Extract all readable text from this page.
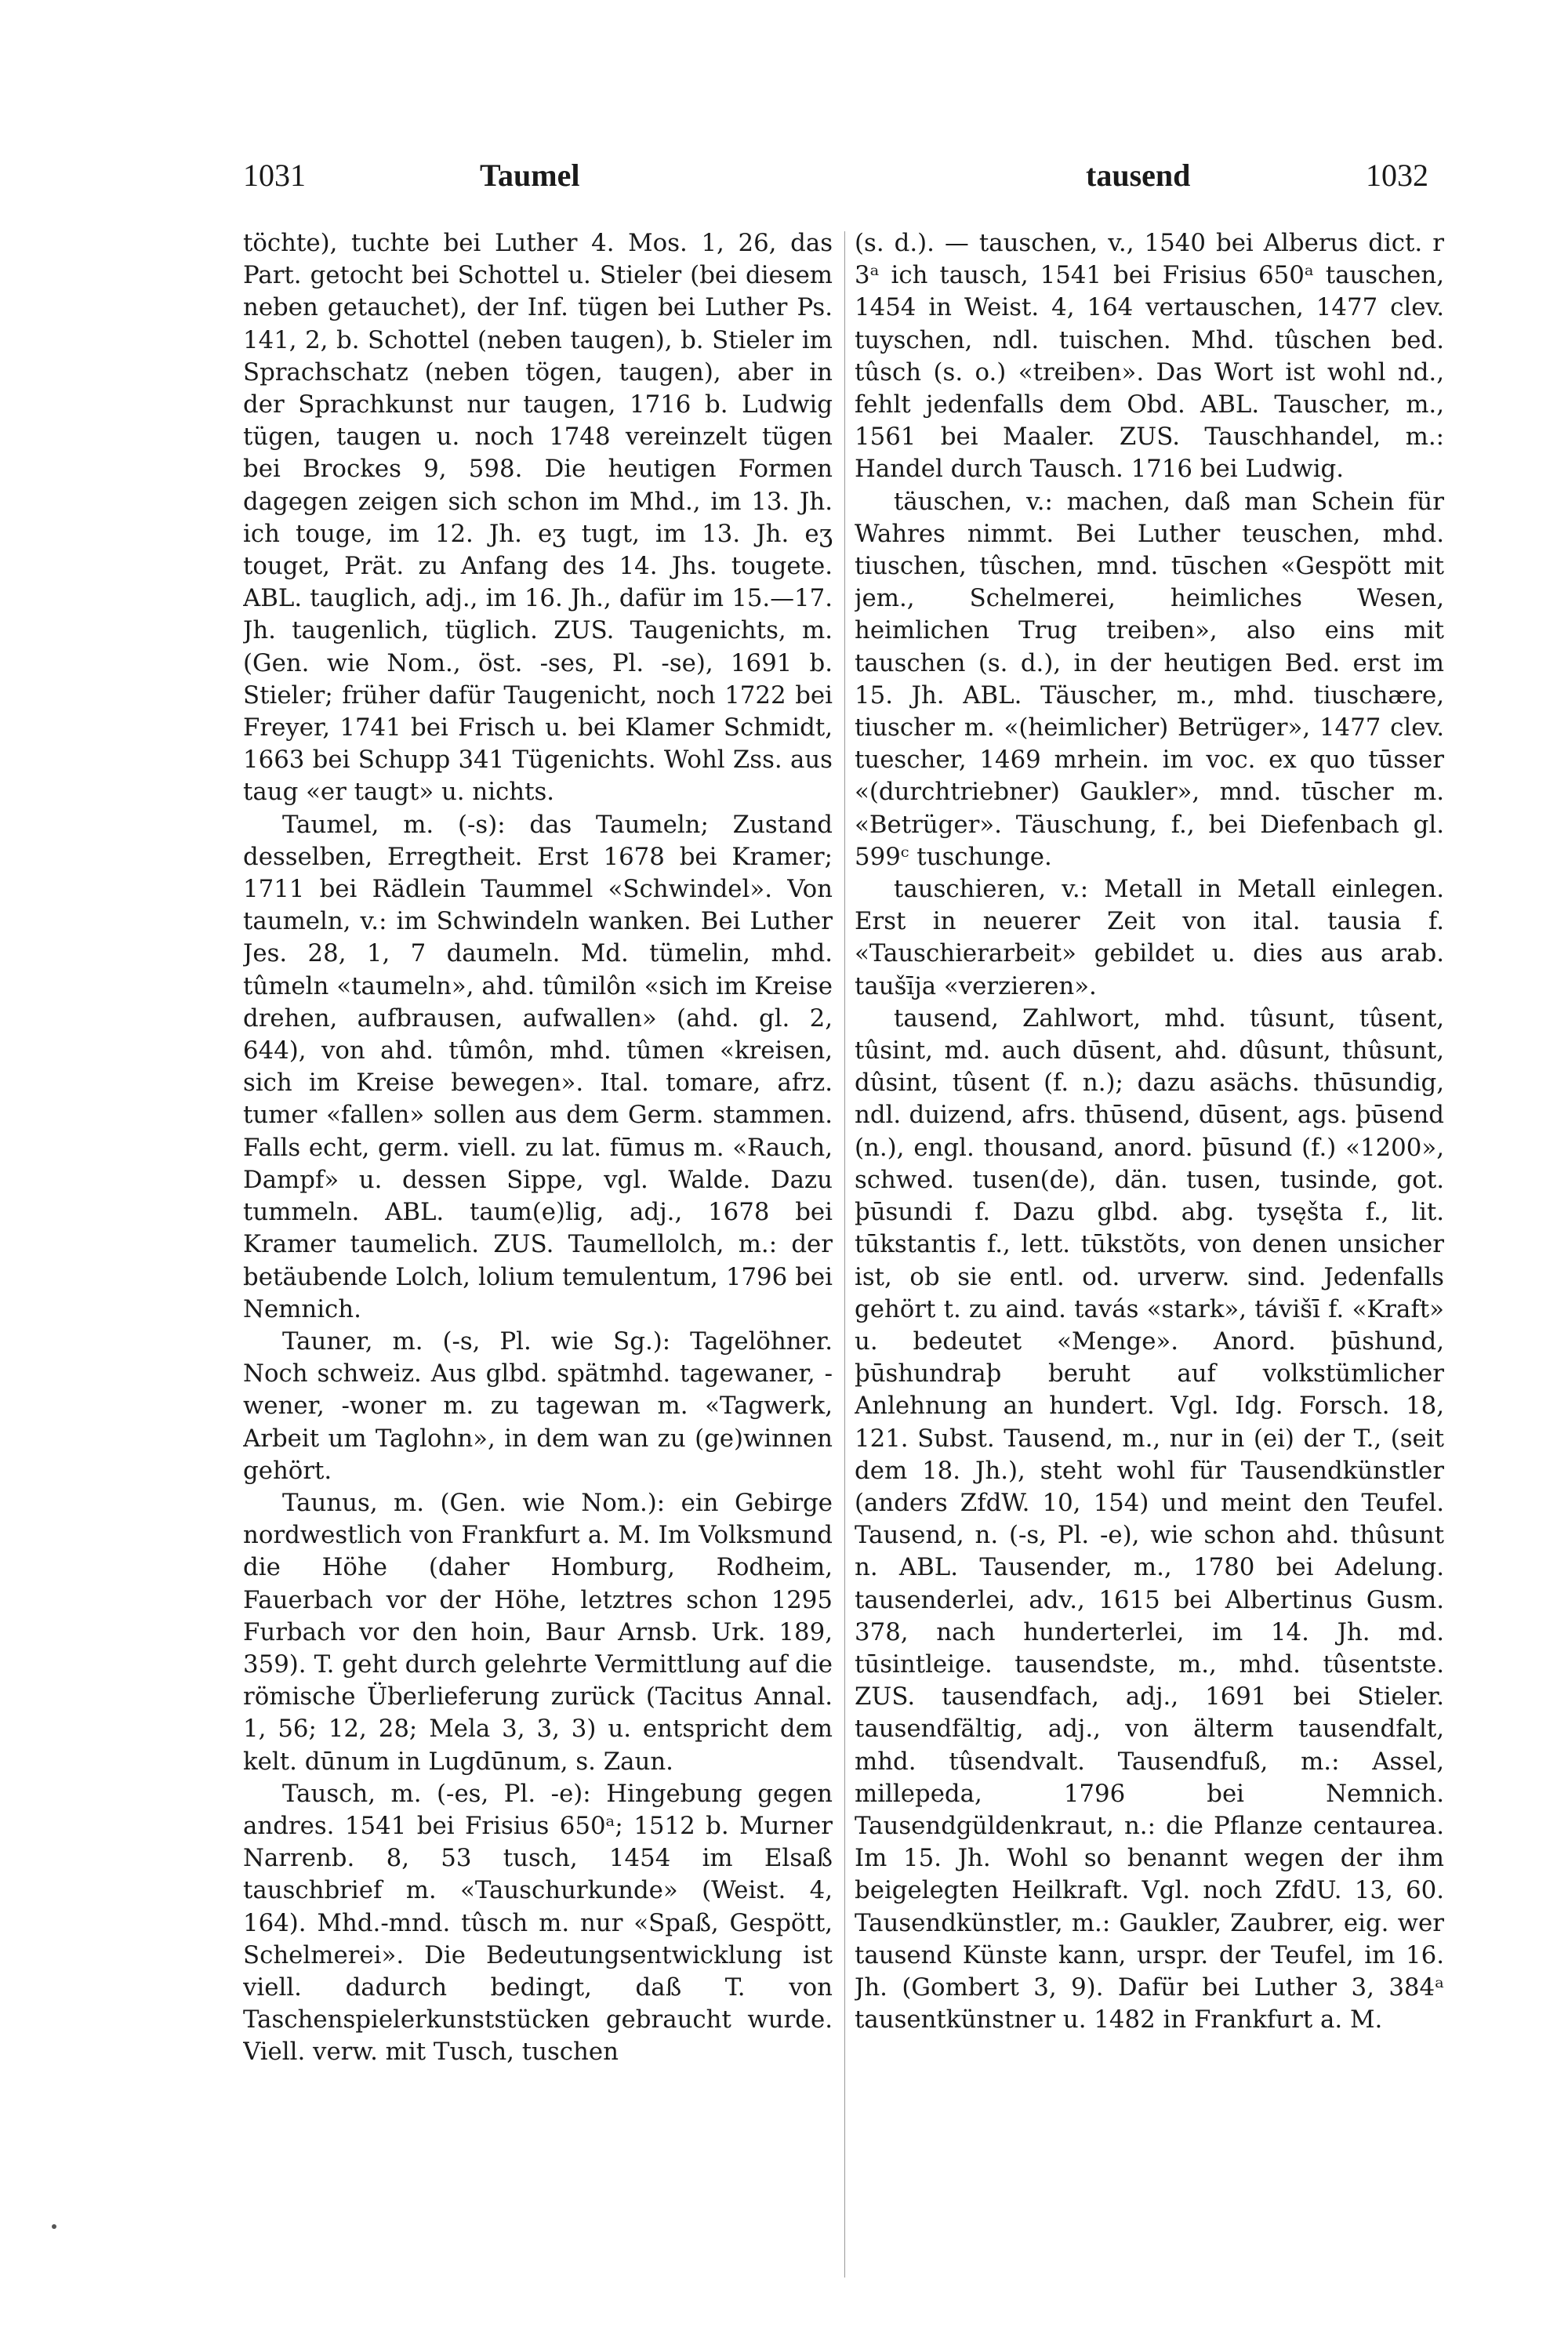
1031	Taumel	tausend	1032

töchte), tuchte bei Luther 4. Mos. 1, 26, das Part. getocht bei Schottel u. Stieler (bei diesem neben getauchet), der Inf. tügen bei Luther Ps. 141, 2, b. Schottel (neben taugen), b. Stieler im Sprachschatz (neben tögen, taugen), aber in der Sprachkunst nur taugen, 1716 b. Ludwig tügen, taugen u. noch 1748 vereinzelt tügen bei Brockes 9, 598. Die heutigen Formen dagegen zeigen sich schon im Mhd., im 13. Jh. ich touge, im 12. Jh. eʒ tugt, im 13. Jh. eʒ touget, Prät. zu Anfang des 14. Jhs. tougete. ABL. tauglich, adj., im 16. Jh., dafür im 15.—17. Jh. taugenlich, tüglich. ZUS. Taugenichts, m. (Gen. wie Nom., öst. -ses, Pl. -se), 1691 b. Stieler; früher dafür Taugenicht, noch 1722 bei Freyer, 1741 bei Frisch u. bei Klamer Schmidt, 1663 bei Schupp 341 Tügenichts. Wohl Zss. aus taug «er taugt» u. nichts.

Taumel, m. (-s): das Taumeln; Zustand desselben, Erregtheit. Erst 1678 bei Kramer; 1711 bei Rädlein Taummel «Schwindel». Von taumeln, v.: im Schwindeln wanken. Bei Luther Jes. 28, 1, 7 daumeln. Md. tümelin, mhd. tûmeln «taumeln», ahd. tûmilôn «sich im Kreise drehen, aufbrausen, aufwallen» (ahd. gl. 2, 644), von ahd. tûmôn, mhd. tûmen «kreisen, sich im Kreise bewegen». Ital. tomare, afrz. tumer «fallen» sollen aus dem Germ. stammen. Falls echt, germ. viell. zu lat. fūmus m. «Rauch, Dampf» u. dessen Sippe, vgl. Walde. Dazu tummeln. ABL. taum(e)lig, adj., 1678 bei Kramer taumelich. ZUS. Taumellolch, m.: der betäubende Lolch, lolium temulentum, 1796 bei Nemnich.

Tauner, m. (-s, Pl. wie Sg.): Tagelöhner. Noch schweiz. Aus glbd. spätmhd. tagewaner, -wener, -woner m. zu tagewan m. «Tagwerk, Arbeit um Taglohn», in dem wan zu (ge)winnen gehört.

Taunus, m. (Gen. wie Nom.): ein Gebirge nordwestlich von Frankfurt a. M. Im Volksmund die Höhe (daher Homburg, Rodheim, Fauerbach vor der Höhe, letztres schon 1295 Furbach vor den hoin, Baur Arnsb. Urk. 189, 359). T. geht durch gelehrte Vermittlung auf die römische Überlieferung zurück (Tacitus Annal. 1, 56; 12, 28; Mela 3, 3, 3) u. entspricht dem kelt. dūnum in Lugdūnum, s. Zaun.

Tausch, m. (-es, Pl. -e): Hingebung gegen andres. 1541 bei Frisius 650ᵃ; 1512 b. Murner Narrenb. 8, 53 tusch, 1454 im Elsaß tauschbrief m. «Tauschurkunde» (Weist. 4, 164). Mhd.-mnd. tûsch m. nur «Spaß, Gespött, Schelmerei». Die Bedeutungsentwicklung ist viell. dadurch bedingt, daß T. von Taschenspielerkunststücken gebraucht wurde. Viell. verw. mit Tusch, tuschen

(s. d.). — tauschen, v., 1540 bei Alberus dict. r 3ᵃ ich tausch, 1541 bei Frisius 650ᵃ tauschen, 1454 in Weist. 4, 164 vertauschen, 1477 clev. tuyschen, ndl. tuischen. Mhd. tûschen bed. tûsch (s. o.) «treiben». Das Wort ist wohl nd., fehlt jedenfalls dem Obd. ABL. Tauscher, m., 1561 bei Maaler. ZUS. Tauschhandel, m.: Handel durch Tausch. 1716 bei Ludwig.

täuschen, v.: machen, daß man Schein für Wahres nimmt. Bei Luther teuschen, mhd. tiuschen, tûschen, mnd. tūschen «Gespött mit jem., Schelmerei, heimliches Wesen, heimlichen Trug treiben», also eins mit tauschen (s. d.), in der heutigen Bed. erst im 15. Jh. ABL. Täuscher, m., mhd. tiuschære, tiuscher m. «(heimlicher) Betrüger», 1477 clev. tuescher, 1469 mrhein. im voc. ex quo tūsser «(durchtriebner) Gaukler», mnd. tūscher m. «Betrüger». Täuschung, f., bei Diefenbach gl. 599ᶜ tuschunge.

tauschieren, v.: Metall in Metall einlegen. Erst in neuerer Zeit von ital. tausia f. «Tauschierarbeit» gebildet u. dies aus arab. taušīja «verzieren».

tausend, Zahlwort, mhd. tûsunt, tûsent, tûsint, md. auch dūsent, ahd. dûsunt, thûsunt, dûsint, tûsent (f. n.); dazu asächs. thūsundig, ndl. duizend, afrs. thūsend, dūsent, ags. þūsend (n.), engl. thousand, anord. þūsund (f.) «1200», schwed. tusen(de), dän. tusen, tusinde, got. þūsundi f. Dazu glbd. abg. tysęšta f., lit. tūkstantis f., lett. tūkstŏts, von denen unsicher ist, ob sie entl. od. urverw. sind. Jedenfalls gehört t. zu aind. tavás «stark», távišī f. «Kraft» u. bedeutet «Menge». Anord. þūshund, þūshundraþ beruht auf volkstümlicher Anlehnung an hundert. Vgl. Idg. Forsch. 18, 121. Subst. Tausend, m., nur in (ei) der T., (seit dem 18. Jh.), steht wohl für Tausendkünstler (anders ZfdW. 10, 154) und meint den Teufel. Tausend, n. (-s, Pl. -e), wie schon ahd. thûsunt n. ABL. Tausender, m., 1780 bei Adelung. tausenderlei, adv., 1615 bei Albertinus Gusm. 378, nach hunderterlei, im 14. Jh. md. tūsintleige. tausendste, m., mhd. tûsentste. ZUS. tausendfach, adj., 1691 bei Stieler. tausendfältig, adj., von älterm tausendfalt, mhd. tûsendvalt. Tausendfuß, m.: Assel, millepeda, 1796 bei Nemnich. Tausendgüldenkraut, n.: die Pflanze centaurea. Im 15. Jh. Wohl so benannt wegen der ihm beigelegten Heilkraft. Vgl. noch ZfdU. 13, 60. Tausendkünstler, m.: Gaukler, Zaubrer, eig. wer tausend Künste kann, urspr. der Teufel, im 16. Jh. (Gombert 3, 9). Dafür bei Luther 3, 384ᵃ tausentkünstner u. 1482 in Frankfurt a. M.
